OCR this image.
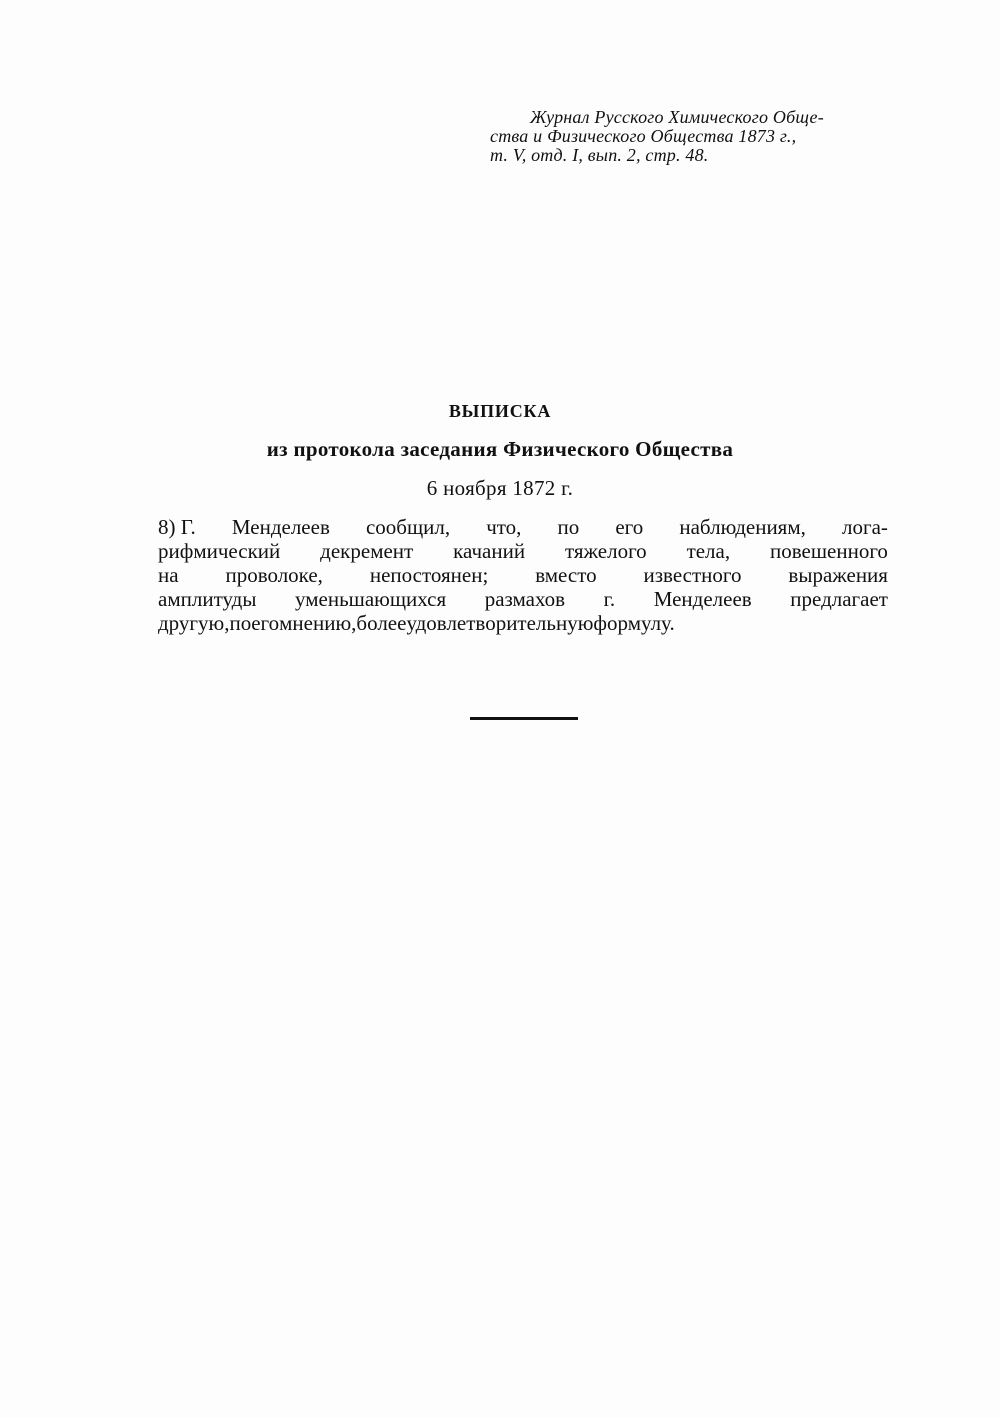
Журнал Русского Химического Обще-
ства и Физического Общества 1873 г.,
т. V, отд. I, вып. 2, стр. 48.
ВЫПИСКА
из протокола заседания Физического Общества
6 ноября 1872 г.
8) Г. Менделеев сообщил, что, по его наблюдениям, лога-
рифмический декремент качаний тяжелого тела, повешенного
на проволоке, непостоянен; вместо известного выражения
амплитуды уменьшающихся размахов г. Менделеев предлагает
другую, по его мнению, более удовлетворительную формулу.
